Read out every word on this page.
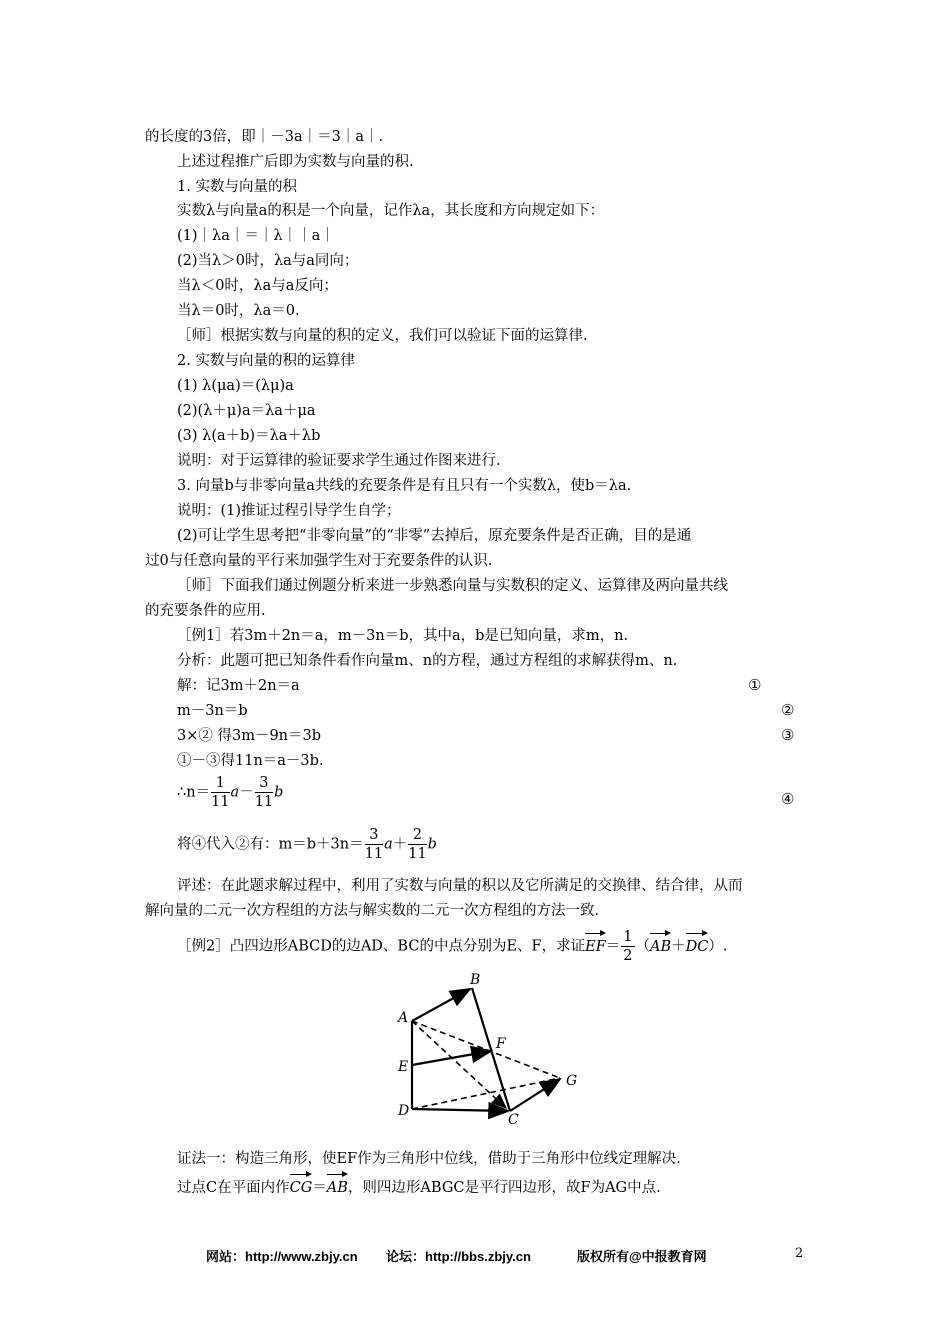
的长度的3倍，即｜－3a｜＝3｜a｜.
上述过程推广后即为实数与向量的积.
1. 实数与向量的积
实数λ与向量a的积是一个向量，记作λa，其长度和方向规定如下：
(1)｜λa｜＝｜λ｜｜a｜
(2)当λ＞0时，λa与a同向；
当λ＜0时，λa与a反向；
当λ＝0时，λa＝0.
［师］根据实数与向量的积的定义，我们可以验证下面的运算律.
2. 实数与向量的积的运算律
(1) λ(μa)＝(λμ)a
(2)(λ＋μ)a＝λa＋μa
(3) λ(a＋b)＝λa＋λb
说明：对于运算律的验证要求学生通过作图来进行.
3. 向量b与非零向量a共线的充要条件是有且只有一个实数λ，使b＝λa.
说明：(1)推证过程引导学生自学；
(2)可让学生思考把“非零向量”的“非零”去掉后，原充要条件是否正确，目的是通
过0与任意向量的平行来加强学生对于充要条件的认识.
［师］下面我们通过例题分析来进一步熟悉向量与实数积的定义、运算律及两向量共线
的充要条件的应用.
［例1］若3m＋2n＝a，m－3n＝b，其中a，b是已知向量，求m，n.
分析：此题可把已知条件看作向量m、n的方程，通过方程组的求解获得m、n.
解：记3m＋2n＝a
m－3n＝b
3×② 得3m－9n＝3b
①－③得11n＝a－3b.
①
②
③
④
∴n＝ $\frac{1}{11} a- \frac{3}{11}$ b
将④代入②有：$m=b+3n= \frac{3}{11} a+ \frac{2}{11}$ b
评述：在此题求解过程中，利用了实数与向量的积以及它所满足的交换律、结合律，从而
解向量的二元一次方程组的方法与解实数的二元一次方程组的方法一致.
［例2］凸四边形ABCD的边AD、BC的中点分别为E、F，求证$EF= \frac{1}{2} (AB+DC)$.
B
A
E
D
F
G
C
证法一：构造三角形，使EF作为三角形中位线，借助于三角形中位线定理解决.
过点C在平面内作CG＝AB，则四边形ABGC是平行四边形，故F为AG中点.
网站：http://www.zbjy.cn 论坛：http://bbs.zbjy.cn	版权所有@中报教育网	2
